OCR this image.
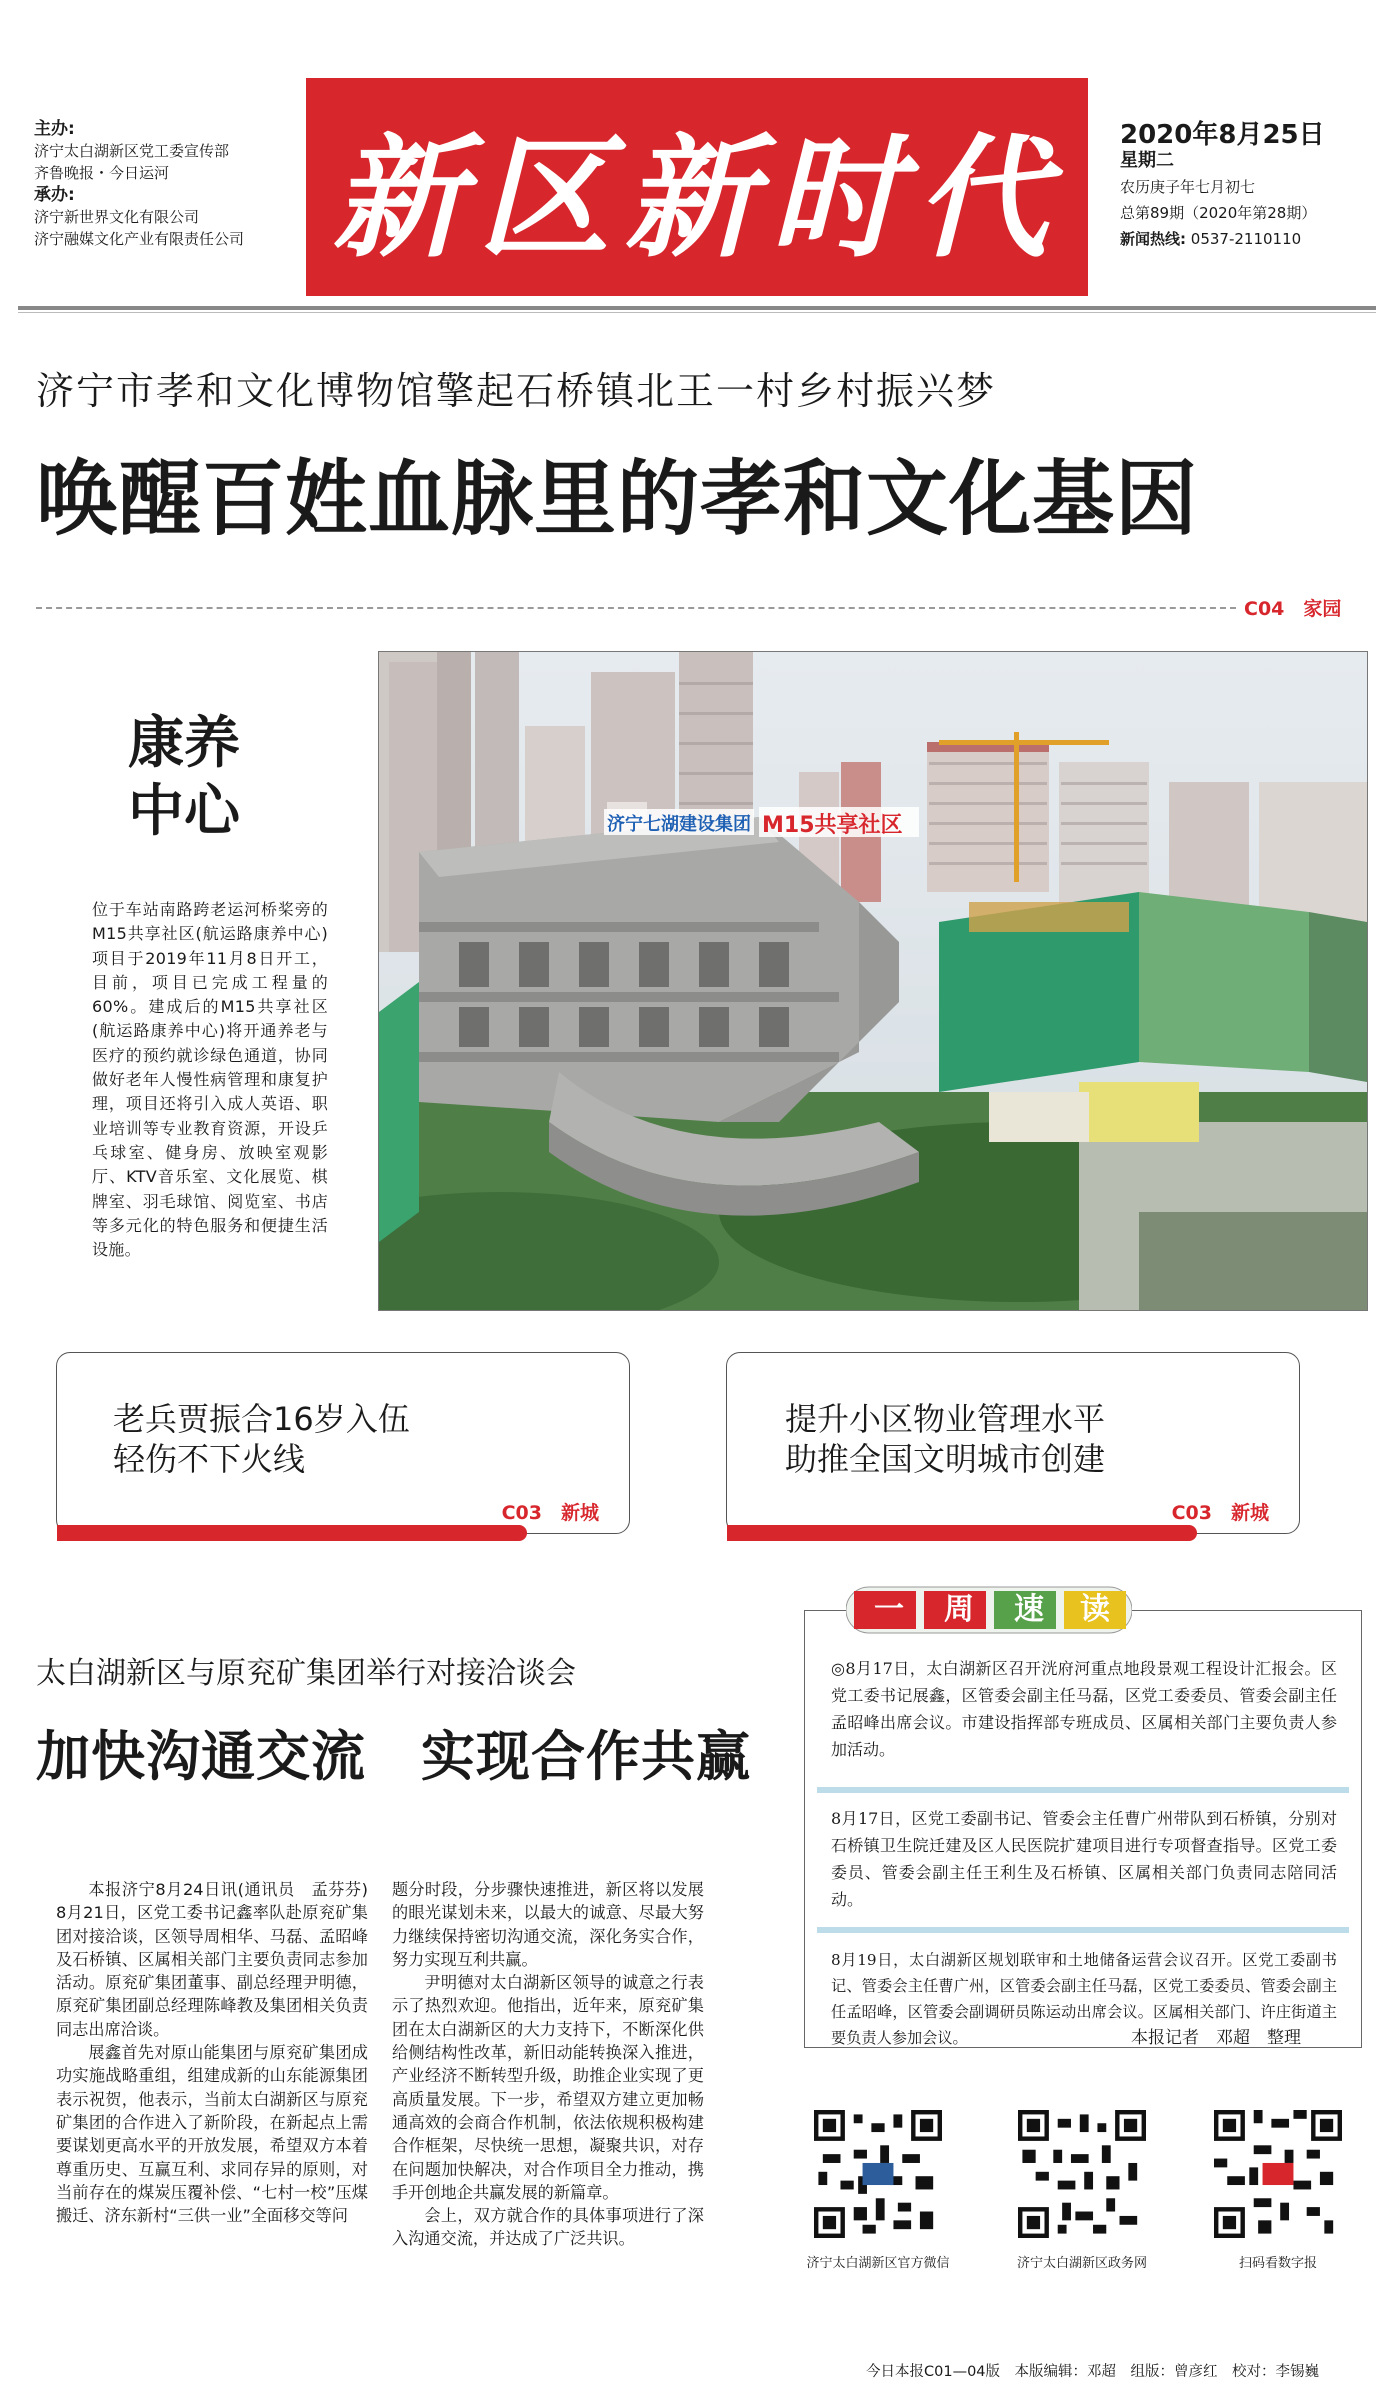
主办:
济宁太白湖新区党工委宣传部
齐鲁晚报・今日运河
承办:
济宁新世界文化有限公司
济宁融媒文化产业有限责任公司 新区新时代	2020年8月25日
星期二
农历庚子年七月初七
总第89期（2020年第28期）
新闻热线: 0537-2110110
济宁市孝和文化博物馆擎起石桥镇北王一村乡村振兴梦
唤醒百姓血脉里的孝和文化基因
C04　家园
济宁七湖建设集团 M15共享社区
康养
中心
位于车站南路跨老运河桥桨旁的M15共享社区(航运路康养中心)项目于2019年11月8日开工，目前，项目已完成工程量的60%。建成后的M15共享社区(航运路康养中心)将开通养老与医疗的预约就诊绿色通道，协同做好老年人慢性病管理和康复护理，项目还将引入成人英语、职业培训等专业教育资源，开设乒乓球室、健身房、放映室观影厅、KTV音乐室、文化展览、棋牌室、羽毛球馆、阅览室、书店等多元化的特色服务和便捷生活设施。
老兵贾振合16岁入伍
轻伤不下火线
C03　新城
提升小区物业管理水平
助推全国文明城市创建
C03　新城
太白湖新区与原兖矿集团举行对接洽谈会
加快沟通交流　实现合作共赢

本报济宁8月24日讯(通讯员　孟芬芬)　8月21日，区党工委书记鑫率队赴原兖矿集团对接洽谈，区领导周相华、马磊、孟昭峰及石桥镇、区属相关部门主要负责同志参加活动。原兖矿集团董事、副总经理尹明德，原兖矿集团副总经理陈峰教及集团相关负责同志出席洽谈。

展鑫首先对原山能集团与原兖矿集团成功实施战略重组，组建成新的山东能源集团表示祝贺，他表示，当前太白湖新区与原兖矿集团的合作进入了新阶段，在新起点上需要谋划更高水平的开放发展，希望双方本着尊重历史、互赢互利、求同存异的原则，对当前存在的煤炭压覆补偿、“七村一校”压煤搬迁、济东新村“三供一业”全面移交等问

题分时段，分步骤快速推进，新区将以发展的眼光谋划未来，以最大的诚意、尽最大努力继续保持密切沟通交流，深化务实合作，努力实现互利共赢。

尹明德对太白湖新区领导的诚意之行表示了热烈欢迎。他指出，近年来，原兖矿集团在太白湖新区的大力支持下，不断深化供给侧结构性改革，新旧动能转换深入推进，产业经济不断转型升级，助推企业实现了更高质量发展。下一步，希望双方建立更加畅通高效的会商合作机制，依法依规积极构建合作框架，尽快统一思想，凝聚共识，对存在问题加快解决，对合作项目全力推动，携手开创地企共赢发展的新篇章。

会上，双方就合作的具体事项进行了深入沟通交流，并达成了广泛共识。

◎8月17日，太白湖新区召开洸府河重点地段景观工程设计汇报会。区党工委书记展鑫，区管委会副主任马磊，区党工委委员、管委会副主任孟昭峰出席会议。市建设指挥部专班成员、区属相关部门主要负责人参加活动。
8月17日，区党工委副书记、管委会主任曹广州带队到石桥镇，分别对石桥镇卫生院迁建及区人民医院扩建项目进行专项督查指导。区党工委委员、管委会副主任王利生及石桥镇、区属相关部门负责同志陪同活动。
8月19日，太白湖新区规划联审和土地储备运营会议召开。区党工委副书记、管委会主任曹广州，区管委会副主任马磊，区党工委委员、管委会副主任孟昭峰，区管委会副调研员陈运动出席会议。区属相关部门、许庄街道主要负责人参加会议。	本报记者　邓超　整理
一	周	速	读
济宁太白湖新区官方微信	济宁太白湖新区政务网	扫码看数字报
今日本报C01—04版　本版编辑：邓超　组版：曾彦红　校对：李锡巍
